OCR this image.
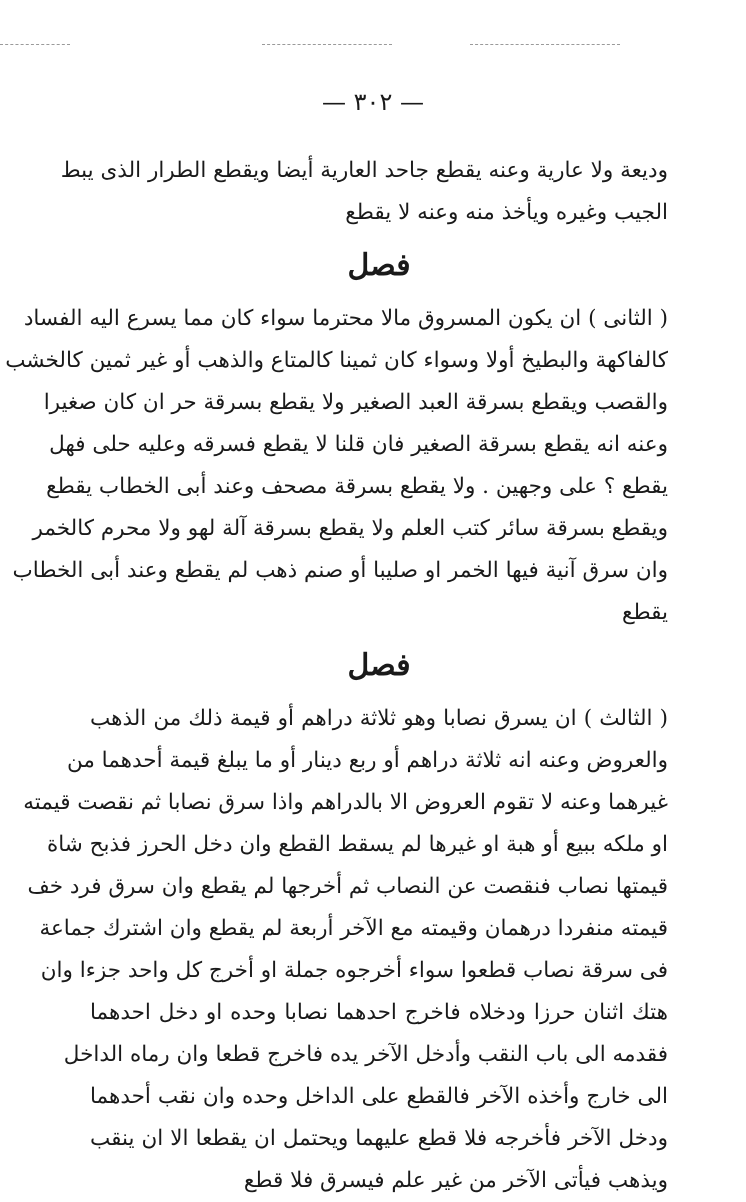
— ٣٠٢ —
وديعة ولا عارية وعنه يقطع جاحد العارية أيضا ويقطع الطرار الذى يبط
الجيب وغيره ويأخذ منه وعنه لا يقطع
فصل
( الثانى ) ان يكون المسروق مالا محترما سواء كان مما يسرع اليه الفساد
كالفاكهة والبطيخ أولا وسواء كان ثمينا كالمتاع والذهب أو غير ثمين كالخشب
والقصب ويقطع بسرقة العبد الصغير ولا يقطع بسرقة حر ان كان صغيرا
وعنه انه يقطع بسرقة الصغير فان قلنا لا يقطع فسرقه وعليه حلى فهل
يقطع ؟ على وجهين . ولا يقطع بسرقة مصحف وعند أبى الخطاب يقطع
ويقطع بسرقة سائر كتب العلم ولا يقطع بسرقة آلة لهو ولا محرم كالخمر
وان سرق آنية فيها الخمر او صليبا أو صنم ذهب لم يقطع وعند أبى الخطاب
يقطع
فصل
( الثالث ) ان يسرق نصابا وهو ثلاثة دراهم أو قيمة ذلك من الذهب
والعروض وعنه انه ثلاثة دراهم أو ربع دينار أو ما يبلغ قيمة أحدهما من
غيرهما وعنه لا تقوم العروض الا بالدراهم واذا سرق نصابا ثم نقصت قيمته
او ملكه ببيع أو هبة او غيرها لم يسقط القطع وان دخل الحرز فذبح شاة
قيمتها نصاب فنقصت عن النصاب ثم أخرجها لم يقطع وان سرق فرد خف
قيمته منفردا درهمان وقيمته مع الآخر أربعة لم يقطع وان اشترك جماعة
فى سرقة نصاب قطعوا سواء أخرجوه جملة او أخرج كل واحد جزءا وان
هتك اثنان حرزا ودخلاه فاخرج احدهما نصابا وحده او دخل احدهما
فقدمه الى باب النقب وأدخل الآخر يده فاخرج قطعا وان رماه الداخل
الى خارج وأخذه الآخر فالقطع على الداخل وحده وان نقب أحدهما
ودخل الآخر فأخرجه فلا قطع عليهما ويحتمل ان يقطعا الا ان ينقب
ويذهب فيأتى الآخر من غير علم فيسرق فلا قطع
